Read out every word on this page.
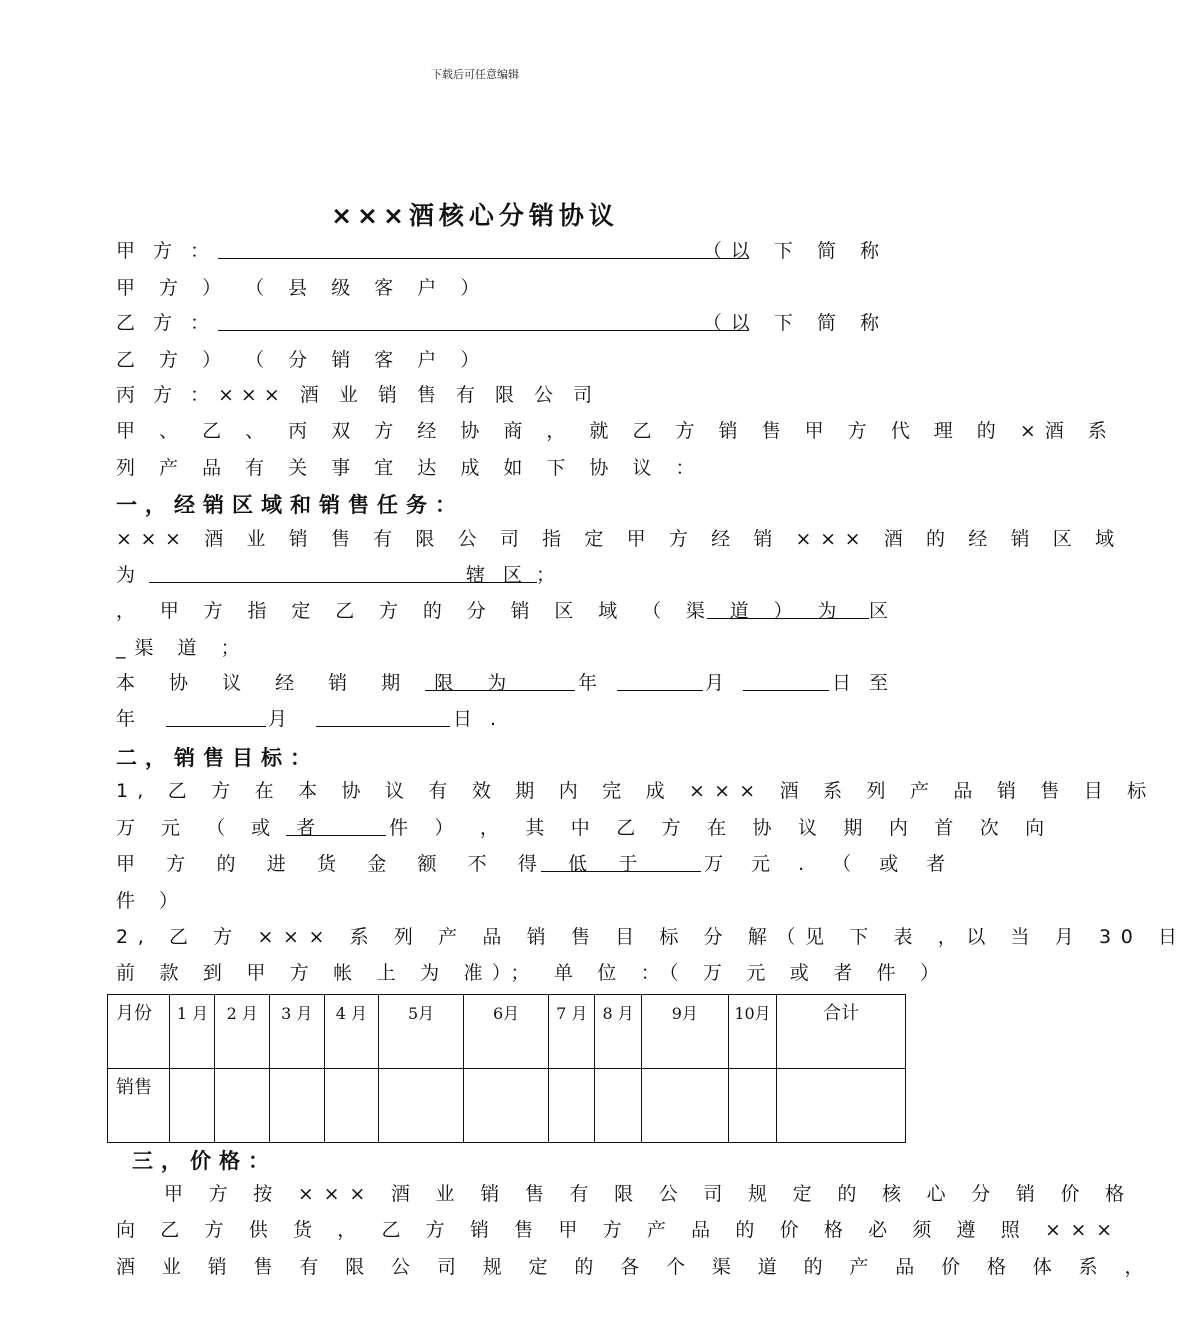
下载后可任意编辑
×××酒核心分销协议
甲 方 ：	（以 下 简 称
甲 方 ） （ 县 级 客 户 ）
乙 方 ：	（以 下 简 称
乙 方 ） （ 分 销 客 户 ）
丙 方 ： ××× 酒 业 销 售 有 限 公 司
甲 、 乙 、 丙 双 方 经 协 商 ， 就 乙 方 销 售 甲 方 代 理 的 ×酒 系
列 产 品 有 关 事 宜 达 成 如 下 协 议 ：
一，经销区域和销售任务：
××× 酒 业 销 售 有 限 公 司 指 定 甲 方 经 销 ××× 酒 的 经 销 区 域
为	辖 区 ；
， 甲 方 指 定 乙 方 的 分 销 区 域 （ 渠 道 ） 为 区
_渠 道 ；
本 协 议 经 销 期 限 为	年	月	日 至
年	月	日 .
二，销售目标：
1, 乙 方 在 本 协 议 有 效 期 内 完 成 ××× 酒 系 列 产 品 销 售 目 标
万 元 （ 或 者	件 ） ， 其 中 乙 方 在 协 议 期 内 首 次 向
甲 方 的 进 货 金 额 不 得 低 于	万 元 . （ 或 者
件 ）
2, 乙 方 ××× 系 列 产 品 销 售 目 标 分 解（见 下 表 ，以 当 月 30 日
前 款 到 甲 方 帐 上 为 准）； 单 位 ：（ 万 元 或 者 件 ）
月份	1 月	2 月	3 月	4 月	5月	6月	7 月	8 月	9月	10月	合计
销售											
三，价格：
甲 方 按 ××× 酒 业 销 售 有 限 公 司 规 定 的 核 心 分 销 价 格
向 乙 方 供 货 ， 乙 方 销 售 甲 方 产 品 的 价 格 必 须 遵 照 ×××
酒 业 销 售 有 限 公 司 规 定 的 各 个 渠 道 的 产 品 价 格 体 系 ，
